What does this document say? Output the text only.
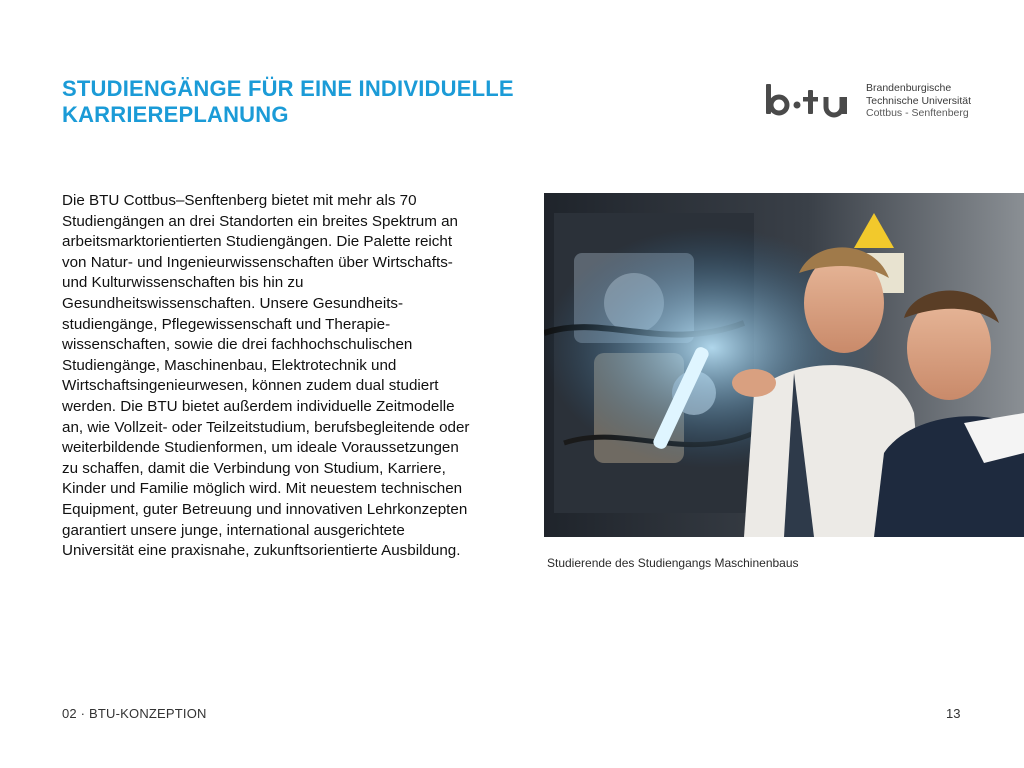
STUDIENGÄNGE FÜR EINE INDIVIDUELLE
KARRIEREPLANUNG
Brandenburgische
Technische Universität
Cottbus - Senftenberg

Die BTU Cottbus–Senftenberg bietet mit mehr als 70
Studiengängen an drei Standorten ein breites Spektrum an
arbeitsmarktorientierten Studiengängen. Die Palette reicht
von Natur- und Ingenieurwissenschaften über Wirtschafts-
und Kulturwissenschaften bis hin zu
Gesundheitswissenschaften. Unsere Gesundheits-
studiengänge, Pflegewissenschaft und Therapie-
wissenschaften, sowie die drei fachhochschulischen
Studiengänge, Maschinenbau, Elektrotechnik und
Wirtschaftsingenieurwesen, können zudem dual studiert
werden. Die BTU bietet außerdem individuelle Zeitmodelle
an, wie Vollzeit- oder Teilzeitstudium, berufsbegleitende oder
weiterbildende Studienformen, um ideale Voraussetzungen
zu schaffen, damit die Verbindung von Studium, Karriere,
Kinder und Familie möglich wird. Mit neuestem technischen
Equipment, guter Betreuung und innovativen Lehrkonzepten
garantiert unsere junge, international ausgerichtete
Universität eine praxisnahe, zukunftsorientierte Ausbildung.

Studierende des Studiengangs Maschinenbaus
02 · BTU-KONZEPTION	13
